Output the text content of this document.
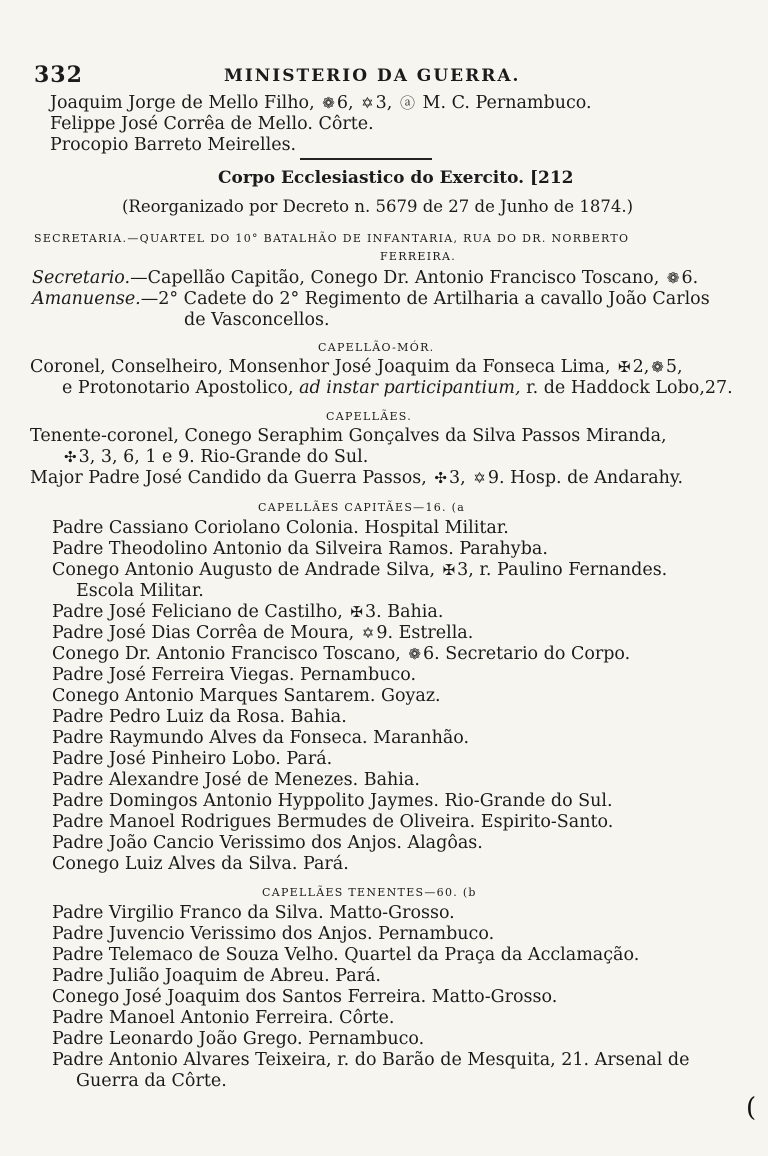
332	MINISTERIO DA GUERRA.
Joaquim Jorge de Mello Filho, ❁ 6, ✡ 3, ⓐ M. C. Pernambuco.
Felippe José Corrêa de Mello. Côrte.
Procopio Barreto Meirelles.
Corpo Ecclesiastico do Exercito. [212
(Reorganizado por Decreto n. 5679 de 27 de Junho de 1874.)
SECRETARIA.—QUARTEL DO 10° BATALHÃO DE INFANTARIA, RUA DO DR. NORBERTO
FERREIRA.
Secretario.—Capellão Capitão, Conego Dr. Antonio Francisco Toscano, ❁ 6.
Amanuense.—2° Cadete do 2° Regimento de Artilharia a cavallo João Carlos
de Vasconcellos.
CAPELLÃO-MÓR.
Coronel, Conselheiro, Monsenhor José Joaquim da Fonseca Lima, ✠ 2, ❁ 5,
e Protonotario Apostolico, ad instar participantium, r. de Haddock Lobo,27.
CAPELLÃES.
Tenente-coronel, Conego Seraphim Gonçalves da Silva Passos Miranda,
✣ 3, 3, 6, 1 e 9. Rio-Grande do Sul.
Major Padre José Candido da Guerra Passos, ✣ 3, ✡ 9. Hosp. de Andarahy.
CAPELLÃES CAPITÃES—16. (a
Padre Cassiano Coriolano Colonia. Hospital Militar.
Padre Theodolino Antonio da Silveira Ramos. Parahyba.
Conego Antonio Augusto de Andrade Silva, ✠ 3, r. Paulino Fernandes.
Escola Militar.
Padre José Feliciano de Castilho, ✠ 3. Bahia.
Padre José Dias Corrêa de Moura, ✡ 9. Estrella.
Conego Dr. Antonio Francisco Toscano, ❁ 6. Secretario do Corpo.
Padre José Ferreira Viegas. Pernambuco.
Conego Antonio Marques Santarem. Goyaz.
Padre Pedro Luiz da Rosa. Bahia.
Padre Raymundo Alves da Fonseca. Maranhão.
Padre José Pinheiro Lobo. Pará.
Padre Alexandre José de Menezes. Bahia.
Padre Domingos Antonio Hyppolito Jaymes. Rio-Grande do Sul.
Padre Manoel Rodrigues Bermudes de Oliveira. Espirito-Santo.
Padre João Cancio Verissimo dos Anjos. Alagôas.
Conego Luiz Alves da Silva. Pará.
CAPELLÃES TENENTES—60. (b
Padre Virgilio Franco da Silva. Matto-Grosso.
Padre Juvencio Verissimo dos Anjos. Pernambuco.
Padre Telemaco de Souza Velho. Quartel da Praça da Acclamação.
Padre Julião Joaquim de Abreu. Pará.
Conego José Joaquim dos Santos Ferreira. Matto-Grosso.
Padre Manoel Antonio Ferreira. Côrte.
Padre Leonardo João Grego. Pernambuco.
Padre Antonio Alvares Teixeira, r. do Barão de Mesquita, 21. Arsenal de
Guerra da Côrte.
(
